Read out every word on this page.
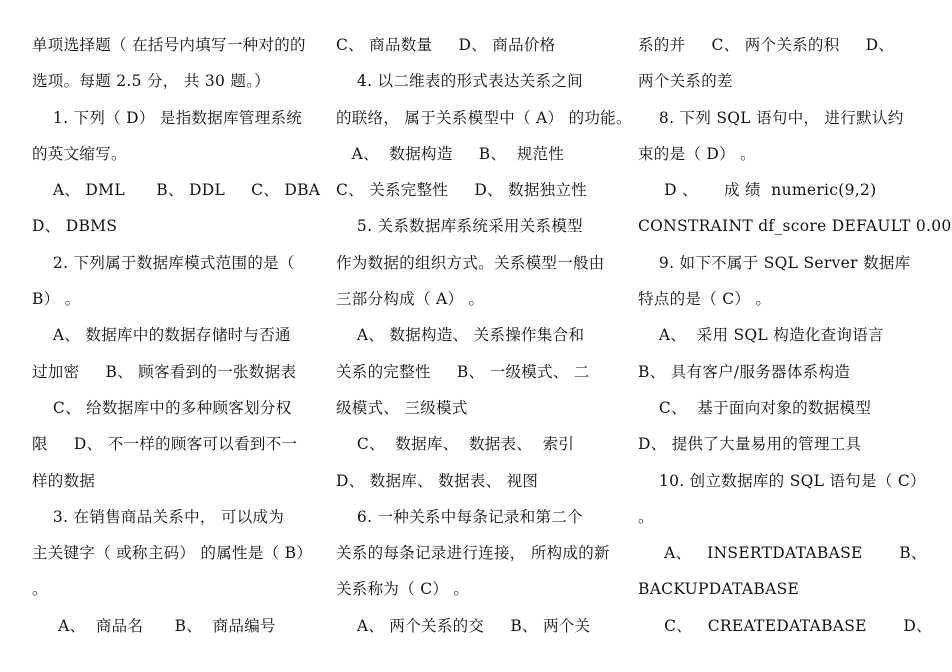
单项选择题（ 在括号内填写一种对的的
选项。每题 2.5 分， 共 30 题。）
1. 下列（ D） 是指数据库管理系统
的英文缩写。
A、 DML      B、 DDL     C、 DBA
D、 DBMS
2. 下列属于数据库模式范围的是（
B） 。
A、 数据库中的数据存储时与否通
过加密     B、 顾客看到的一张数据表
C、 给数据库中的多种顾客划分权
限     D、 不一样的顾客可以看到不一
样的数据
3. 在销售商品关系中， 可以成为
主关键字（ 或称主码） 的属性是（ B）
。
A、  商品名      B、  商品编号
C、 商品数量     D、 商品价格
4. 以二维表的形式表达关系之间
的联络， 属于关系模型中（ A） 的功能。
A、  数据构造     B、  规范性
C、 关系完整性     D、 数据独立性
5. 关系数据库系统采用关系模型
作为数据的组织方式。关系模型一般由
三部分构成（ A） 。
A、 数据构造、 关系操作集合和
关系的完整性     B、 一级模式、 二
级模式、 三级模式
C、  数据库、  数据表、  索引
D、 数据库、 数据表、 视图
6. 一种关系中每条记录和第二个
关系的每条记录进行连接， 所构成的新
关系称为（ C） 。
A、 两个关系的交     B、 两个关
系的并     C、 两个关系的积     D、
两个关系的差
8. 下列 SQL 语句中， 进行默认约
束的是（ D） 。
D 、     成 绩  numeric(9,2)
CONSTRAINT df_score DEFAULT 0.00
9. 如下不属于 SQL Server 数据库
特点的是（ C） 。
A、  采用 SQL 构造化查询语言
B、 具有客户/服务器体系构造
C、  基于面向对象的数据模型
D、 提供了大量易用的管理工具
10. 创立数据库的 SQL 语句是（ C）
。
A、   INSERTDATABASE       B、
BACKUPDATABASE
C、   CREATEDATABASE       D、
